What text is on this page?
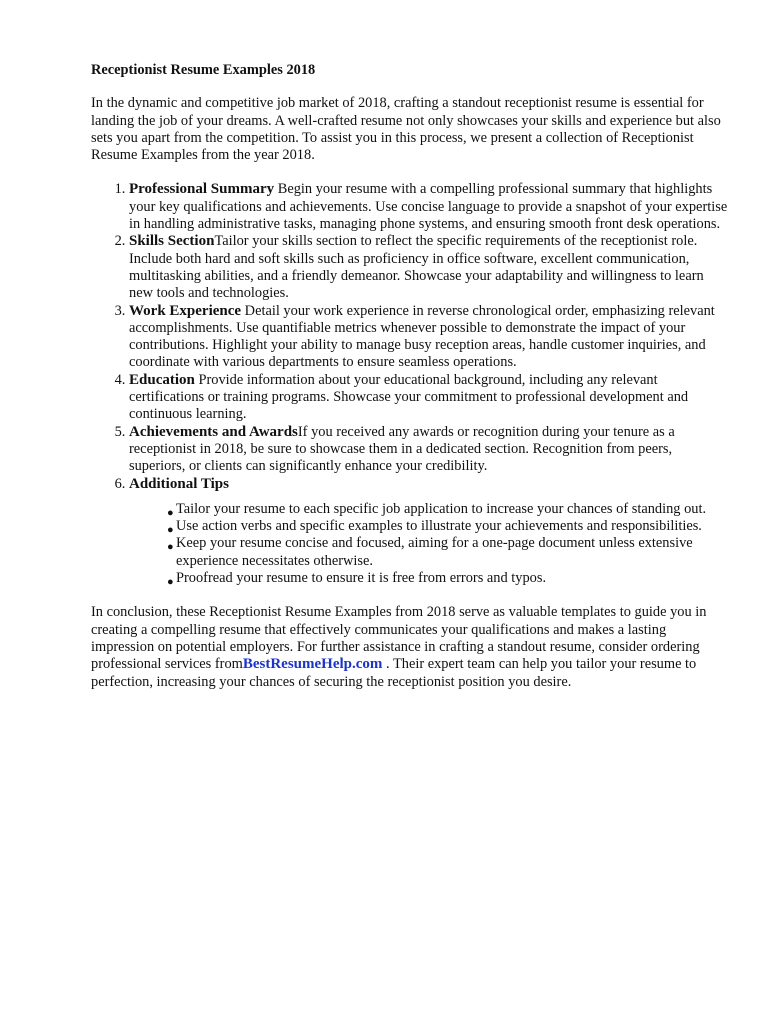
Receptionist Resume Examples 2018

In the dynamic and competitive job market of 2018, crafting a standout receptionist resume is essential for landing the job of your dreams. A well-crafted resume not only showcases your skills and experience but also sets you apart from the competition. To assist you in this process, we present a collection of Receptionist Resume Examples from the year 2018.

1. Professional Summary Begin your resume with a compelling professional summary that highlights your key qualifications and achievements. Use concise language to provide a snapshot of your expertise in handling administrative tasks, managing phone systems, and ensuring smooth front desk operations.
2. Skills SectionTailor your skills section to reflect the specific requirements of the receptionist role. Include both hard and soft skills such as proficiency in office software, excellent communication, multitasking abilities, and a friendly demeanor. Showcase your adaptability and willingness to learn new tools and technologies.
3. Work Experience Detail your work experience in reverse chronological order, emphasizing relevant accomplishments. Use quantifiable metrics whenever possible to demonstrate the impact of your contributions. Highlight your ability to manage busy reception areas, handle customer inquiries, and coordinate with various departments to ensure seamless operations.
4. Education Provide information about your educational background, including any relevant certifications or training programs. Showcase your commitment to professional development and continuous learning.
5. Achievements and AwardsIf you received any awards or recognition during your tenure as a receptionist in 2018, be sure to showcase them in a dedicated section. Recognition from peers, superiors, or clients can significantly enhance your credibility.
6. Additional Tips
● Tailor your resume to each specific job application to increase your chances of standing out.
● Use action verbs and specific examples to illustrate your achievements and responsibilities.
● Keep your resume concise and focused, aiming for a one-page document unless extensive experience necessitates otherwise.
● Proofread your resume to ensure it is free from errors and typos.

In conclusion, these Receptionist Resume Examples from 2018 serve as valuable templates to guide you in creating a compelling resume that effectively communicates your qualifications and makes a lasting impression on potential employers. For further assistance in crafting a standout resume, consider ordering professional services fromBestResumeHelp.com . Their expert team can help you tailor your resume to perfection, increasing your chances of securing the receptionist position you desire.
